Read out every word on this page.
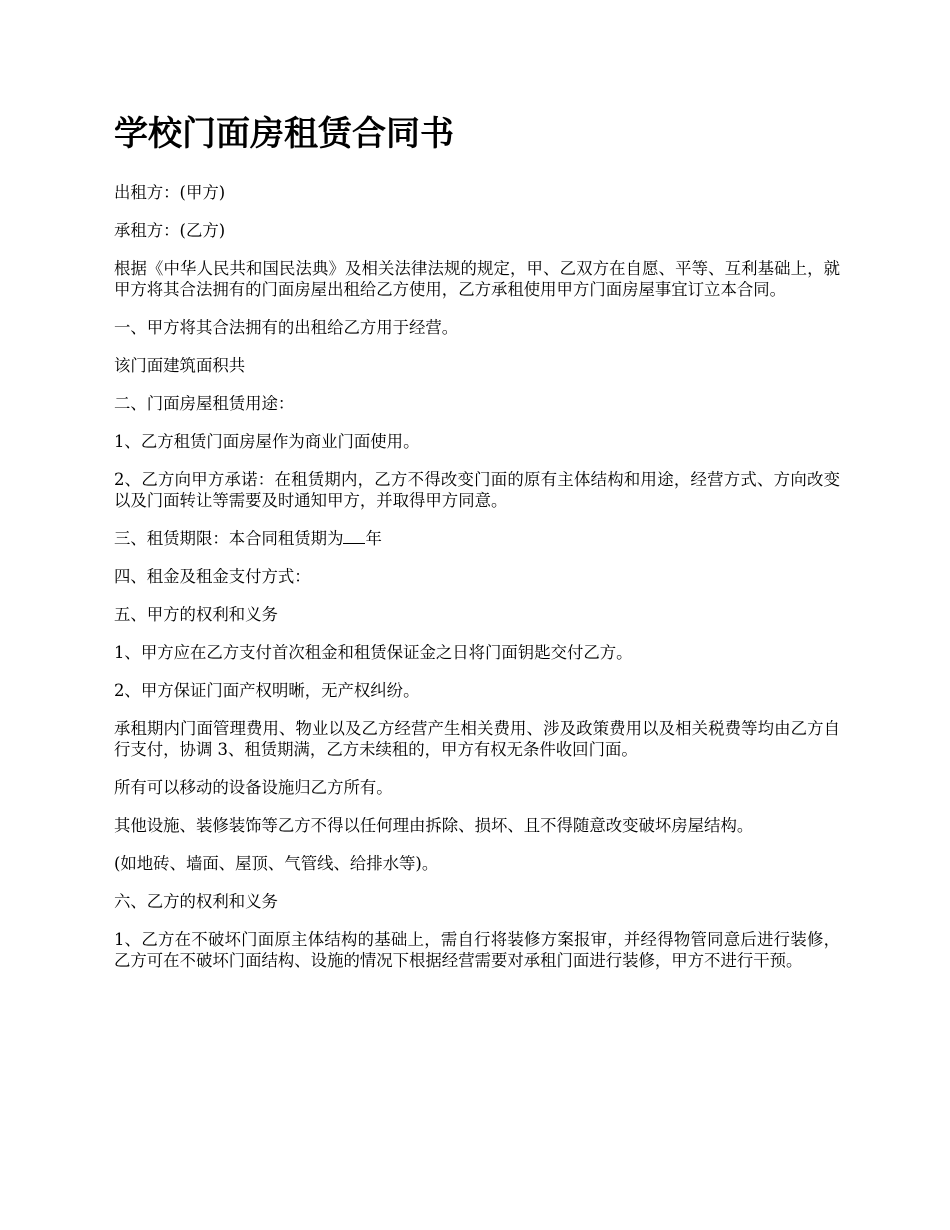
学校门面房租赁合同书

出租方：(甲方)

承租方：(乙方)

根据《中华人民共和国民法典》及相关法律法规的规定，甲、乙双方在自愿、平等、互利基础上，就甲方将其合法拥有的门面房屋出租给乙方使用，乙方承租使用甲方门面房屋事宜订立本合同。

一、甲方将其合法拥有的出租给乙方用于经营。

该门面建筑面积共

二、门面房屋租赁用途：

1、乙方租赁门面房屋作为商业门面使用。

2、乙方向甲方承诺：在租赁期内，乙方不得改变门面的原有主体结构和用途，经营方式、方向改变以及门面转让等需要及时通知甲方，并取得甲方同意。

三、租赁期限：本合同租赁期为 年

四、租金及租金支付方式：

五、甲方的权利和义务

1、甲方应在乙方支付首次租金和租赁保证金之日将门面钥匙交付乙方。

2、甲方保证门面产权明晰，无产权纠纷。

承租期内门面管理费用、物业以及乙方经营产生相关费用、涉及政策费用以及相关税费等均由乙方自行支付，协调 3、租赁期满，乙方未续租的，甲方有权无条件收回门面。

所有可以移动的设备设施归乙方所有。

其他设施、装修装饰等乙方不得以任何理由拆除、损坏、且不得随意改变破坏房屋结构。

(如地砖、墙面、屋顶、气管线、给排水等)。

六、乙方的权利和义务

1、乙方在不破坏门面原主体结构的基础上，需自行将装修方案报审，并经得物管同意后进行装修，乙方可在不破坏门面结构、设施的情况下根据经营需要对承租门面进行装修，甲方不进行干预。
